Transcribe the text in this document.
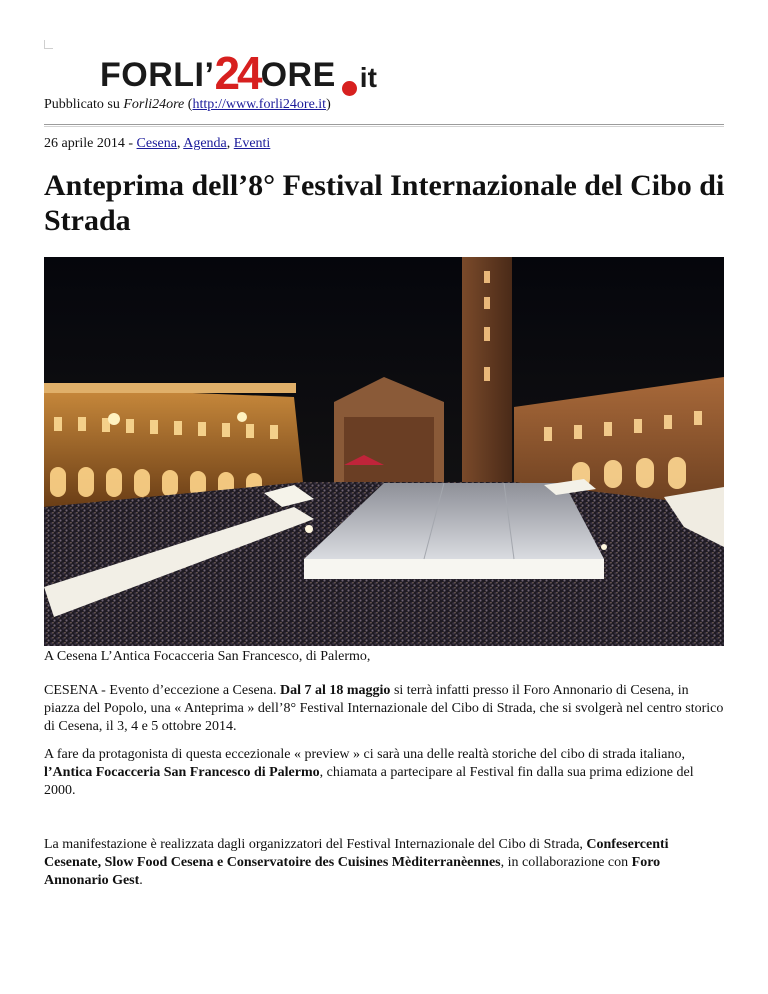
FORLI’ 24 ORE it
Pubblicato su Forli24ore (http://www.forli24ore.it)
26 aprile 2014 - Cesena, Agenda, Eventi
Anteprima dell’8° Festival Internazionale del Cibo di Strada
A Cesena L’Antica Focacceria San Francesco, di Palermo,

CESENA - Evento d’eccezione a Cesena. Dal 7 al 18 maggio si terrà infatti presso il Foro Annonario di Cesena, in piazza del Popolo, una « Anteprima » dell’8° Festival Internazionale del Cibo di Strada, che si svolgerà nel centro storico di Cesena, il 3, 4 e 5 ottobre 2014.

A fare da protagonista di questa eccezionale « preview » ci sarà una delle realtà storiche del cibo di strada italiano, l’Antica Focacceria San Francesco di Palermo, chiamata a partecipare al Festival fin dalla sua prima edizione del 2000.

La manifestazione è realizzata dagli organizzatori del Festival Internazionale del Cibo di Strada, Confesercenti Cesenate, Slow Food Cesena e Conservatoire des Cuisines Mèditerranèennes, in collaborazione con Foro Annonario Gest.
